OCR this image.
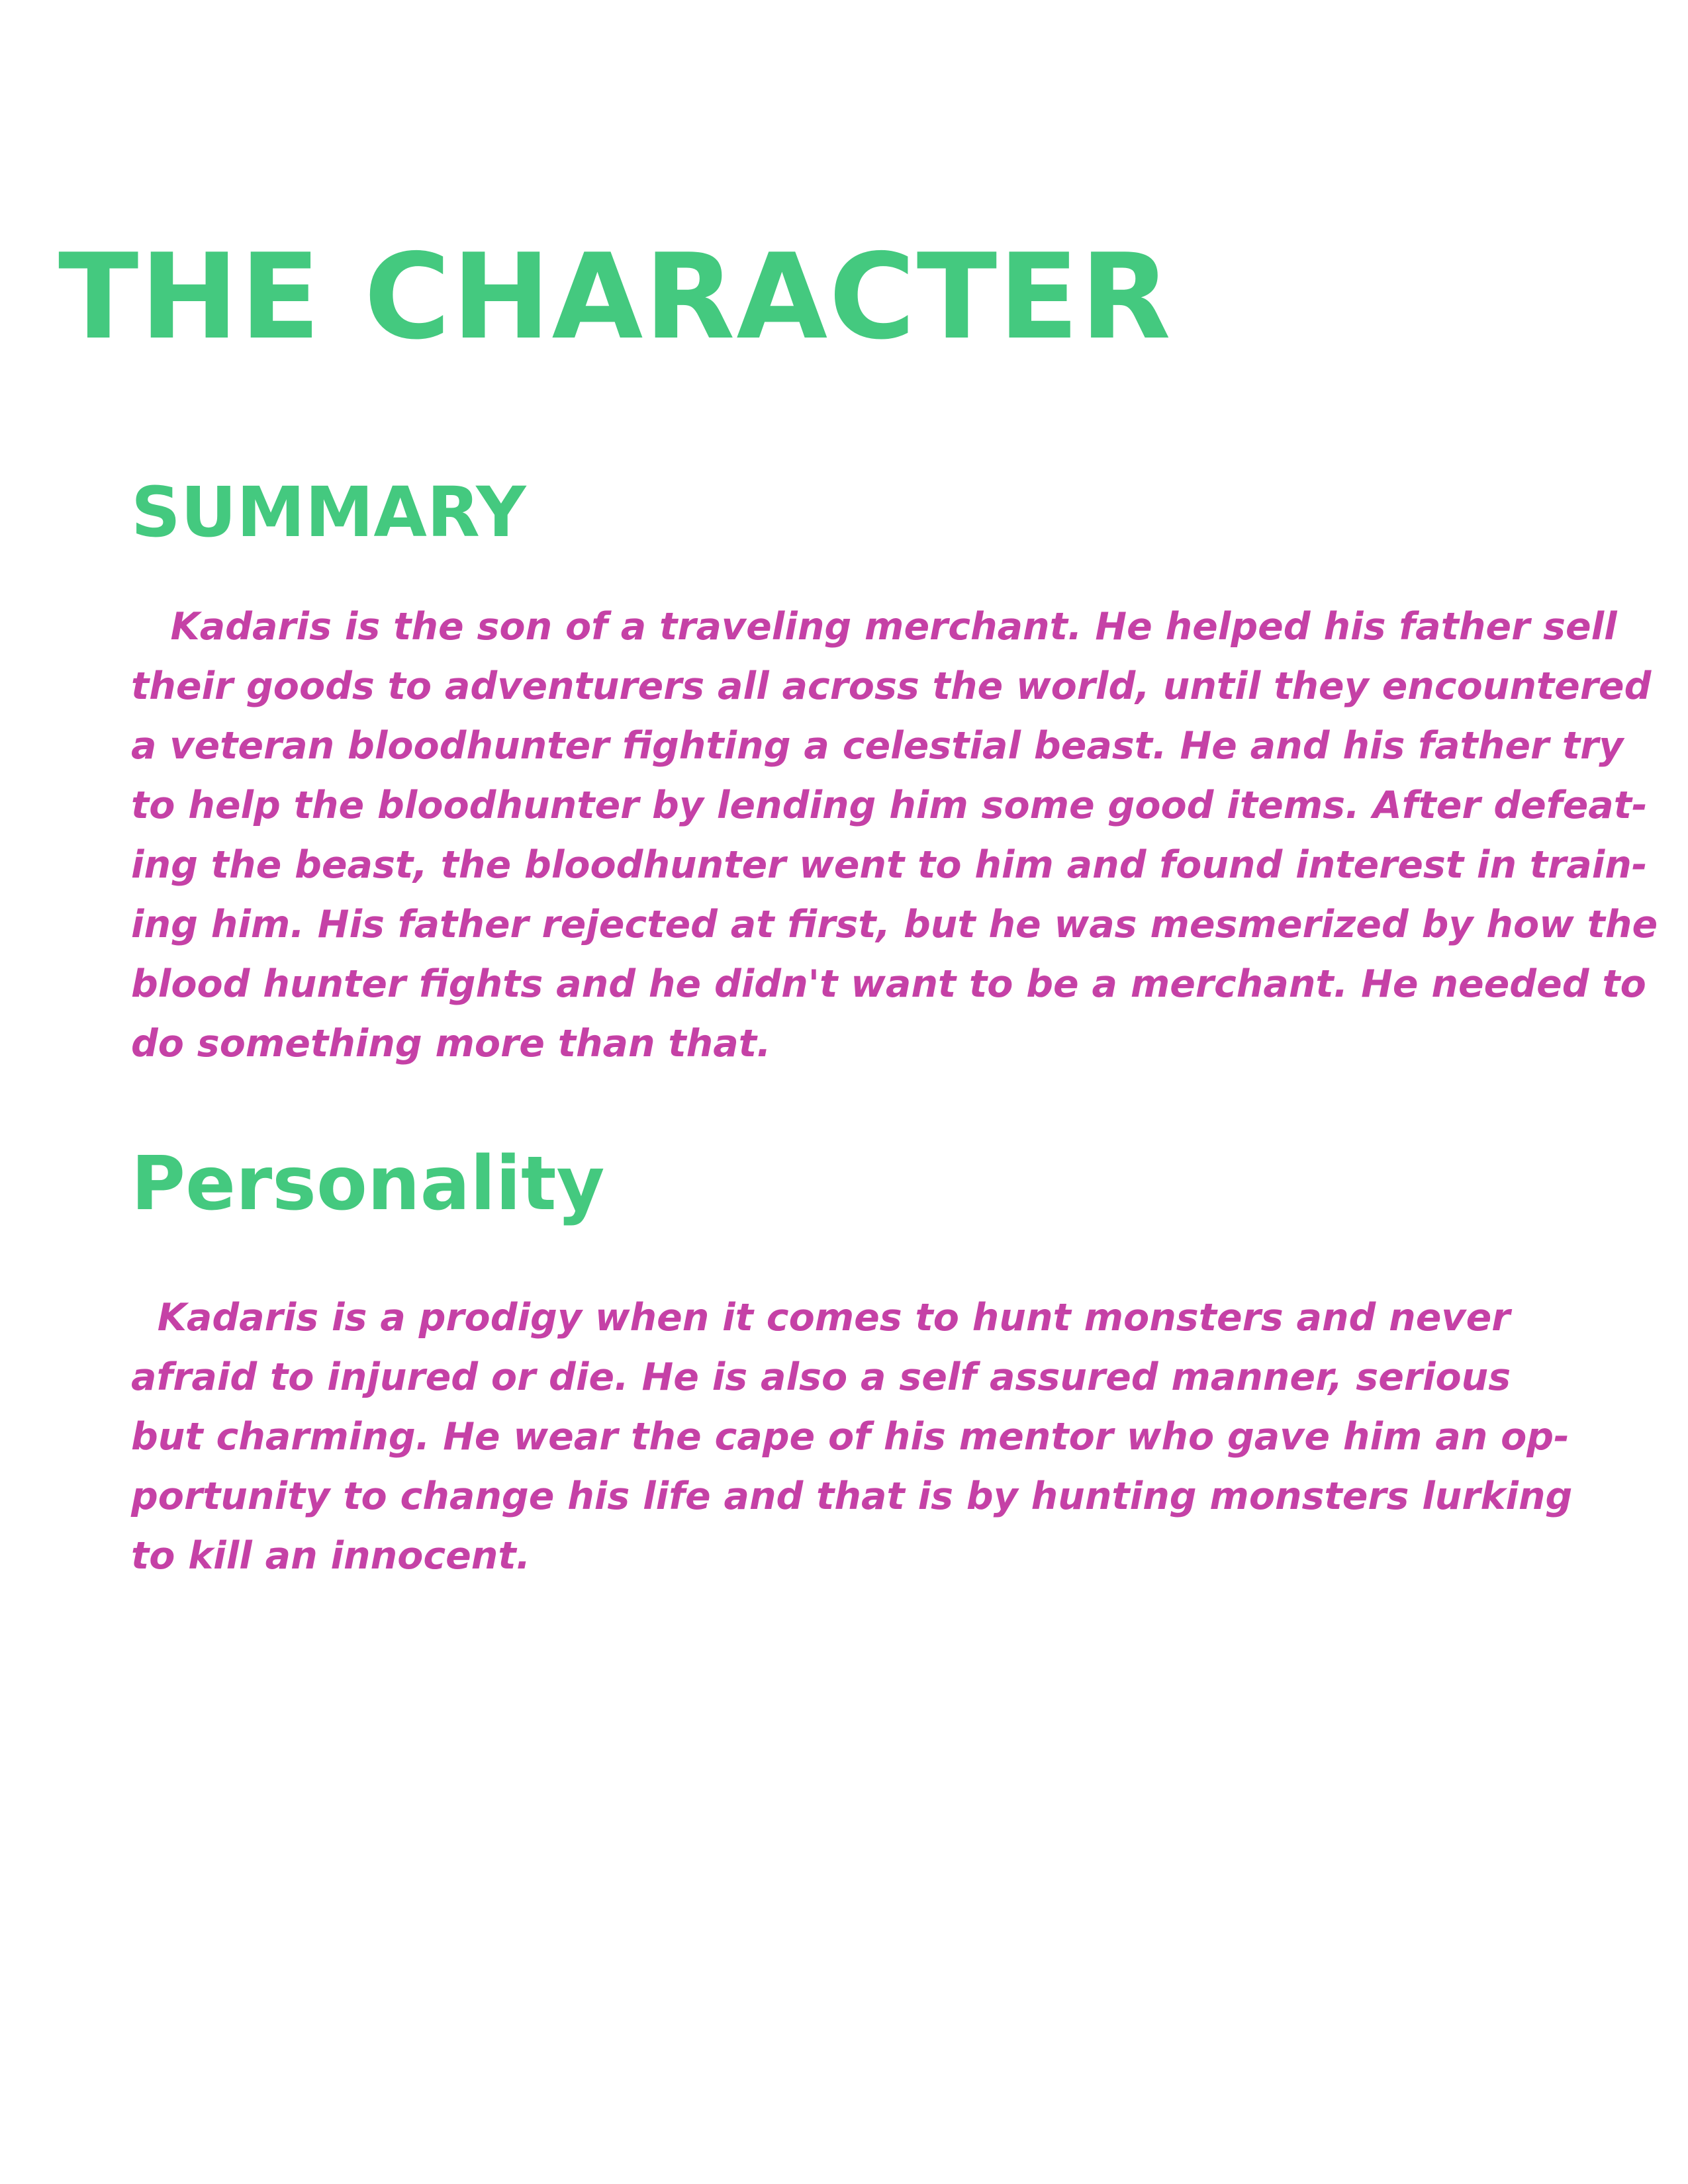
THE CHARACTER
SUMMARY
Kadaris is the son of a traveling merchant. He helped his father sell
their goods to adventurers all across the world, until they encountered
a veteran bloodhunter fighting a celestial beast. He and his father try
to help the bloodhunter by lending him some good items. After defeat-
ing the beast, the bloodhunter went to him and found interest in train-
ing him. His father rejected at first, but he was mesmerized by how the
blood hunter fights and he didn't want to be a merchant. He needed to
do something more than that.
Personality
Kadaris is a prodigy when it comes to hunt monsters and never
afraid to injured or die. He is also a self assured manner, serious
but charming. He wear the cape of his mentor who gave him an op-
portunity to change his life and that is by hunting monsters lurking
to kill an innocent.
